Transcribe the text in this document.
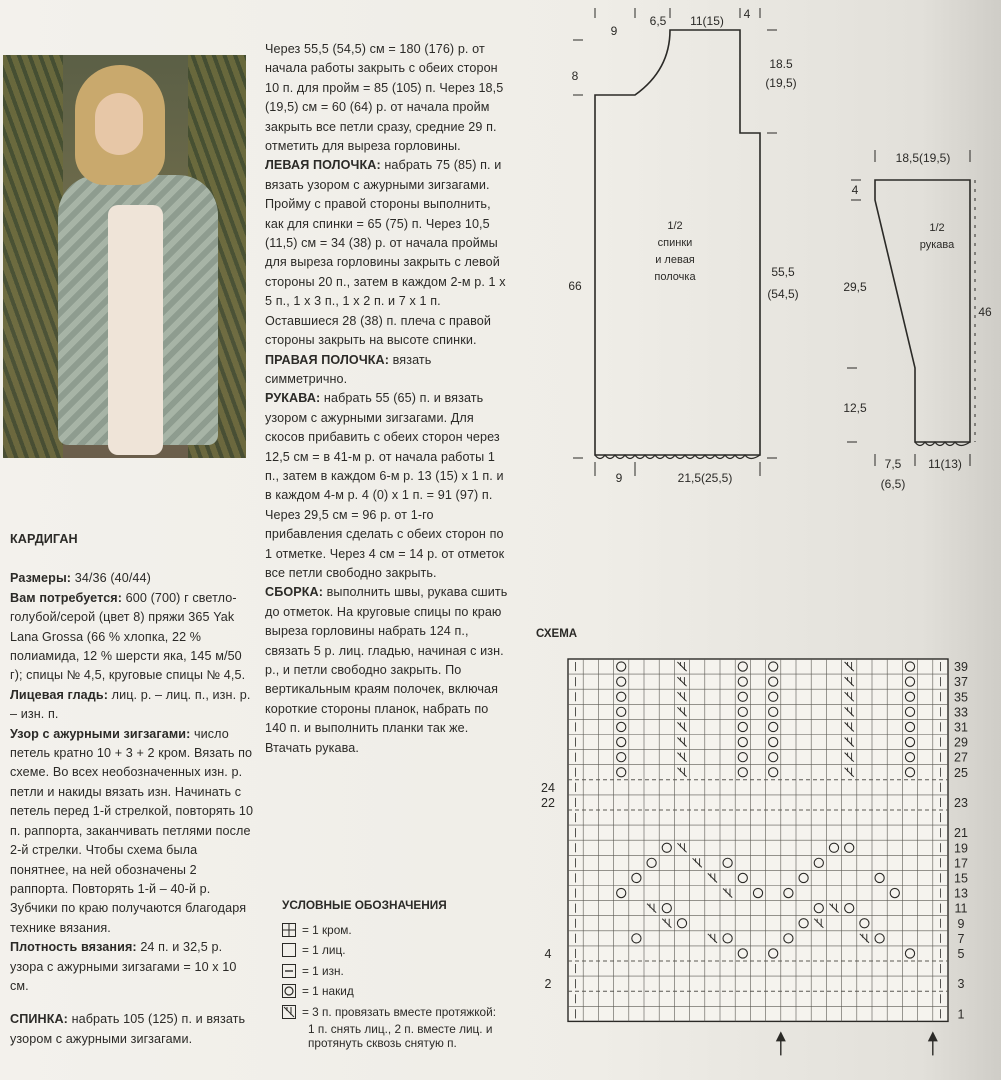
Через 55,5 (54,5) см = 180 (176) р. от начала работы закрыть с обеих сторон 10 п. для пройм = 85 (105) п. Через 18,5 (19,5) см = 60 (64) р. от начала пройм закрыть все петли сразу, средние 29 п. отметить для выреза горловины.

ЛЕВАЯ ПОЛОЧКА: набрать 75 (85) п. и вязать узором с ажурными зигзагами. Пройму с правой стороны выполнить, как для спинки = 65 (75) п. Через 10,5 (11,5) см = 34 (38) р. от начала проймы для выреза горловины закрыть с левой стороны 20 п., затем в каждом 2-м р. 1 х 5 п., 1 х 3 п., 1 х 2 п. и 7 х 1 п. Оставшиеся 28 (38) п. плеча с правой стороны закрыть на высоте спинки.

ПРАВАЯ ПОЛОЧКА: вязать симметрично.

РУКАВА: набрать 55 (65) п. и вязать узором с ажурными зигзагами. Для скосов прибавить с обеих сторон через 12,5 см = в 41-м р. от начала работы 1 п., затем в каждом 6-м р. 13 (15) х 1 п. и в каждом 4-м р. 4 (0) х 1 п. = 91 (97) п. Через 29,5 см = 96 р. от 1-го прибавления сделать с обеих сторон по 1 отметке. Через 4 см = 14 р. от отметок все петли свободно закрыть.

СБОРКА: выполнить швы, рукава сшить до отметок. На круговые спицы по краю выреза горловины набрать 124 п., связать 5 р. лиц. гладью, начиная с изн. р., и петли свободно закрыть. По вертикальным краям полочек, включая короткие стороны планок, набрать по 140 п. и выполнить планки так же. Втачать рукава.

КАРДИГАН

Размеры: 34/36 (40/44)

Вам потребуется: 600 (700) г светло-голубой/серой (цвет 8) пряжи 365 Yak Lana Grossa (66 % хлопка, 22 % полиамида, 12 % шерсти яка, 145 м/50 г); спицы № 4,5, круговые спицы № 4,5.

Лицевая гладь: лиц. р. – лиц. п., изн. р. – изн. п.

Узор с ажурными зигзагами: число петель кратно 10 + 3 + 2 кром. Вязать по схеме. Во всех необозначенных изн. р. петли и накиды вязать изн. Начинать с петель перед 1-й стрелкой, повторять 10 п. раппорта, заканчивать петлями после 2-й стрелки. Чтобы схема была понятнее, на ней обозначены 2 раппорта. Повторять 1-й – 40-й р. Зубчики по краю получаются благодаря технике вязания.

Плотность вязания: 24 п. и 32,5 р. узора с ажурными зигзагами = 10 х 10 см.

СПИНКА: набрать 105 (125) п. и вязать узором с ажурными зигзагами.

УСЛОВНЫЕ ОБОЗНАЧЕНИЯ
= 1 кром.
= 1 лиц.
= 1 изн.
= 1 накид
= 3 п. провязать вместе протяжкой:
1 п. снять лиц., 2 п. вместе лиц. и протянуть сквозь снятую п.
9
6,5 11(15) 4
8
66
18.5
(19,5)
55,5
(54,5)
1/2
спинки
и левая
полочка
9	21,5(25,5)
18,5(19,5)
4
29,5
12,5
46
1/2
рукава
7,5
(6,5)
11(13)
СХЕМА
39
37
35
33
31
29
27
25
23
21
19
17
15
13
11
9
7
5
3
1
24
22
4
2
